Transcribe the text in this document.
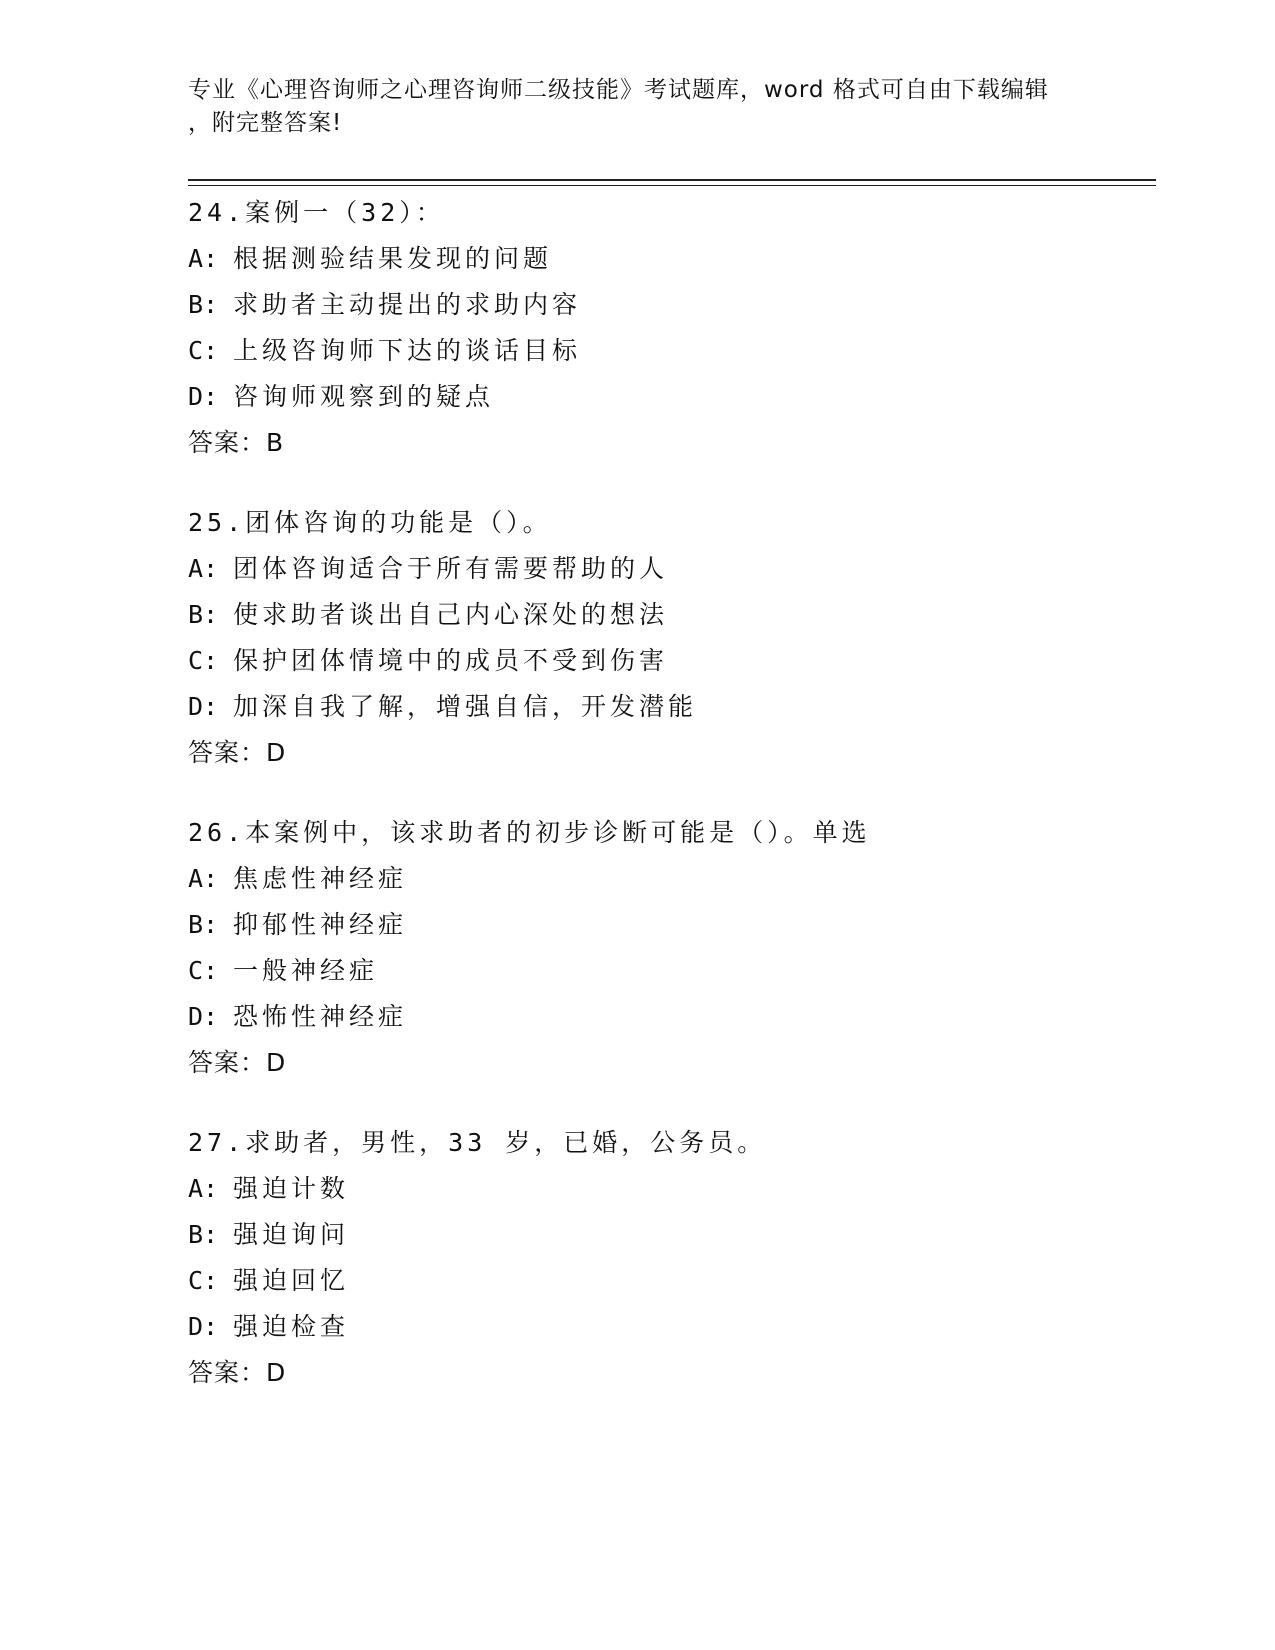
专业《心理咨询师之心理咨询师二级技能》考试题库，word 格式可自由下载编辑
，附完整答案!
24.案例一（32）：
A: 根据测验结果发现的问题
B: 求助者主动提出的求助内容
C: 上级咨询师下达的谈话目标
D: 咨询师观察到的疑点
答案：B
25.团体咨询的功能是（）。
A: 团体咨询适合于所有需要帮助的人
B: 使求助者谈出自己内心深处的想法
C: 保护团体情境中的成员不受到伤害
D: 加深自我了解，增强自信，开发潜能
答案：D
26.本案例中，该求助者的初步诊断可能是（）。单选
A: 焦虑性神经症
B: 抑郁性神经症
C: 一般神经症
D: 恐怖性神经症
答案：D
27.求助者，男性，33 岁，已婚，公务员。
A: 强迫计数
B: 强迫询问
C: 强迫回忆
D: 强迫检查
答案：D
